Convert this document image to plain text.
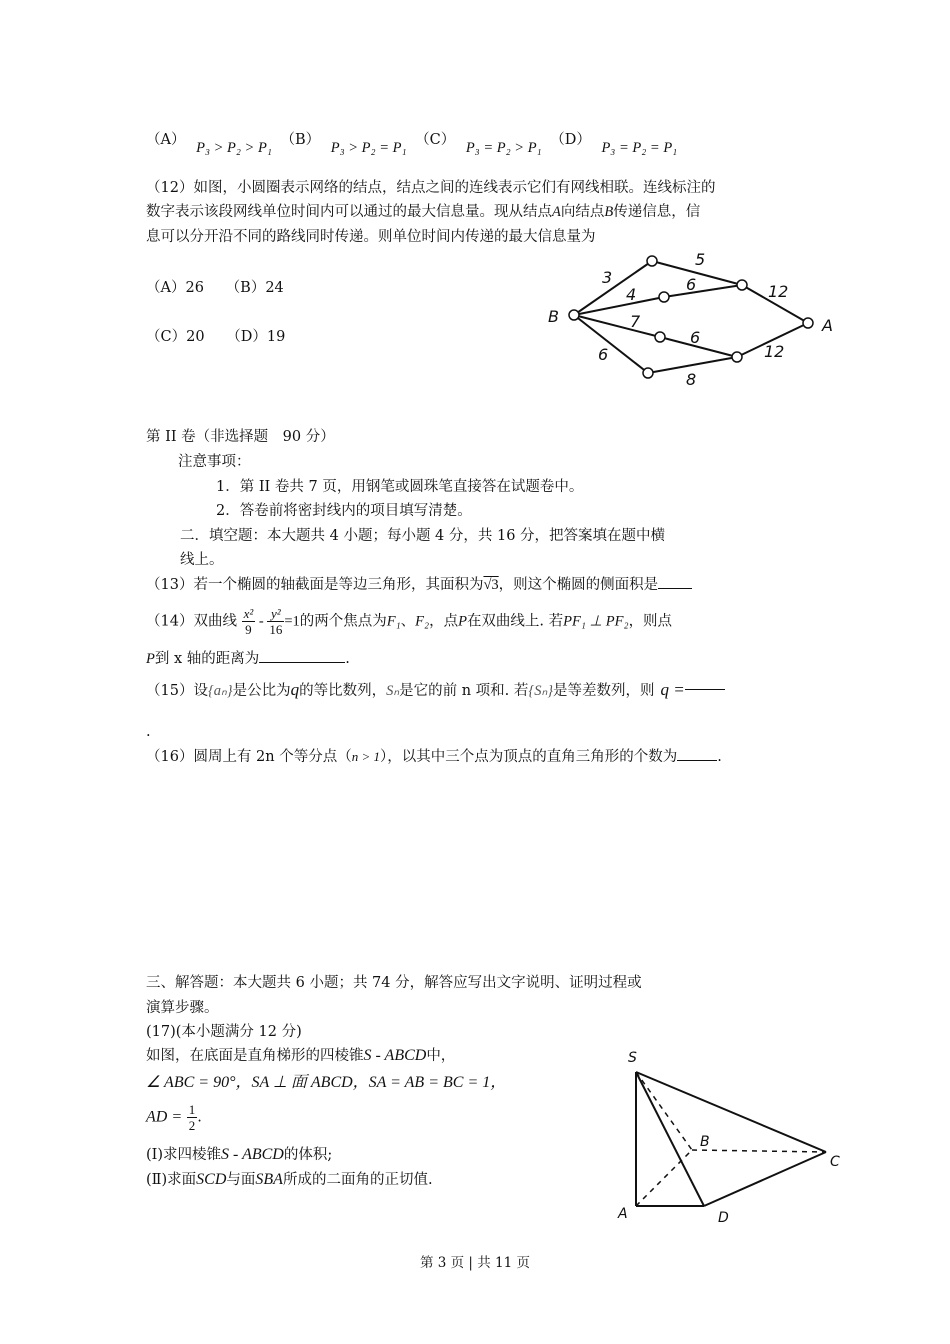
（A） P₃ > P₂ > P₁ （B） P₃ > P₂ = P₁ （C） P₃ = P₂ > P₁ （D） P₃ = P₂ = P₁
（12）如图，小圆圈表示网络的结点，结点之间的连线表示它们有网线相联。连线标注的
数字表示该段网线单位时间内可以通过的最大信息量。现从结点A向结点B传递信息，信
息可以分开沿不同的路线同时传递。则单位时间内传递的最大信息量为
（A）26　　（B）24
（C）20　　（D）19
B	A
3
5
4
6	12
7
6
12
6
8
第 II 卷（非选择题　90 分）
注意事项：
1．第 II 卷共 7 页，用钢笔或圆珠笔直接答在试题卷中。
2．答卷前将密封线内的项目填写清楚。
二．填空题：本大题共 4 小题；每小题 4 分，共 16 分，把答案填在题中横
线上。
（13）若一个椭圆的轴截面是等边三角形，其面积为√3，则这个椭圆的侧面积是
（14）双曲线 $\frac{\text{x²}}{9} - \frac{\text{y²}}{16} =1$的两个焦点为F₁、F₂，点P在双曲线上. 若PF₁ ⊥ PF₂，则点
P到 x 轴的距离为	.
（15）设{aₙ}是公比为q的等比数列，Sₙ是它的前 n 项和. 若{Sₙ}是等差数列，则 q =
.
（16）圆周上有 2n 个等分点（n > 1），以其中三个点为顶点的直角三角形的个数为	.
三、解答题：本大题共 6 小题；共 74 分，解答应写出文字说明、证明过程或
演算步骤。
(17)(本小题满分 12 分)
如图，在底面是直角梯形的四棱锥S - ABCD中，
∠ ABC = 90°，SA ⊥ 面 ABCD，SA = AB = BC = 1，
AD = $\frac{1}{2}$ .
(Ⅰ)求四棱锥S - ABCD的体积;
(Ⅱ)求面SCD与面SBA所成的二面角的正切值.
S
A
B
C
D
第 3 页 | 共 11 页
